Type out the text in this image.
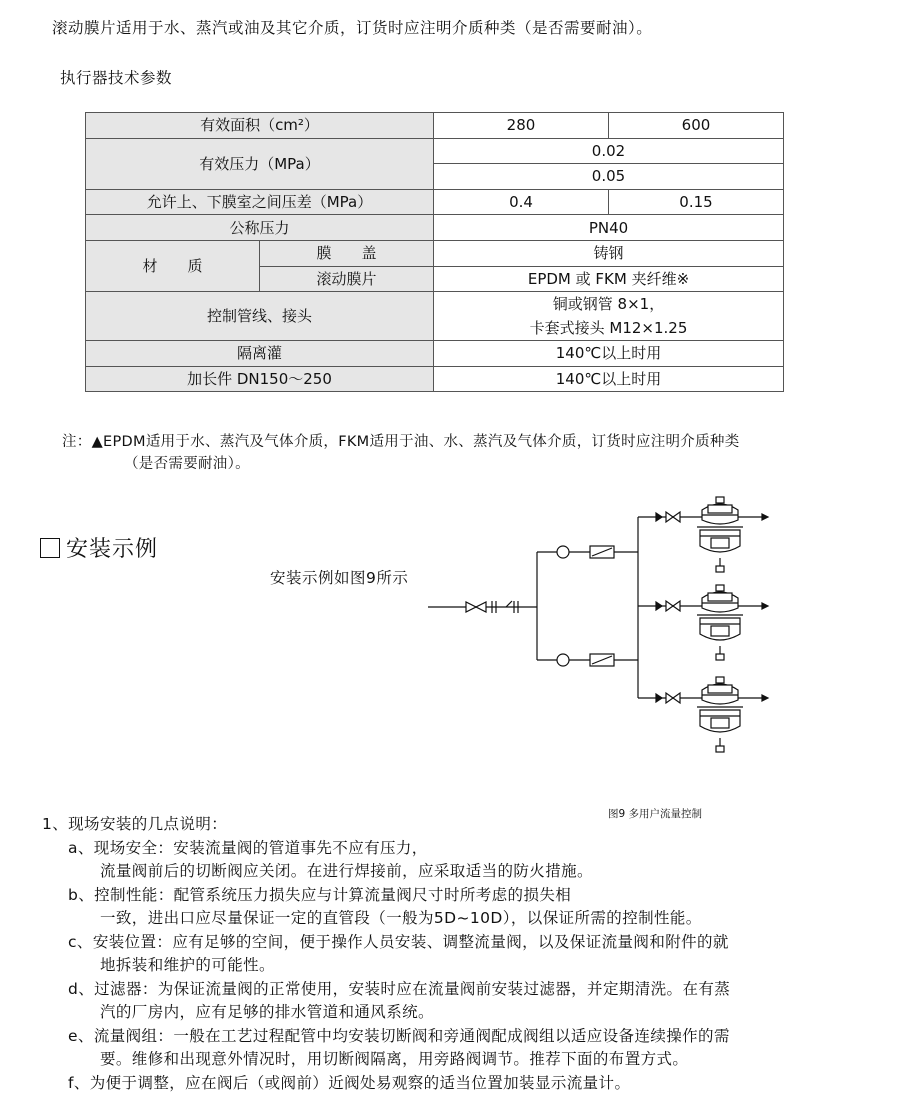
滚动膜片适用于水、蒸汽或油及其它介质，订货时应注明介质种类（是否需要耐油）。
执行器技术参数
有效面积（cm²）		280	600
有效压力（MPa）		0.02	
		0.05	
允许上、下膜室之间压差（MPa）		0.4	0.15
公称压力		PN40	
材　　质	膜　　盖	铸钢	
	滚动膜片	EPDM 或 FKM 夹纤维※	
控制管线、接头		铜或钢管 8×1，
卡套式接头 M12×1.25	

隔离灌		140℃以上时用	
加长件 DN150～250		140℃以上时用	
注：▲EPDM适用于水、蒸汽及气体介质，FKM适用于油、水、蒸汽及气体介质，订货时应注明介质种类
（是否需要耐油）。
安装示例
安装示例如图9所示
图9 多用户流量控制

1、现场安装的几点说明：

a、现场安全：安装流量阀的管道事先不应有压力，

流量阀前后的切断阀应关闭。在进行焊接前，应采取适当的防火措施。

b、控制性能：配管系统压力损失应与计算流量阀尺寸时所考虑的损失相

一致，进出口应尽量保证一定的直管段（一般为5D~10D），以保证所需的控制性能。

c、安装位置：应有足够的空间，便于操作人员安装、调整流量阀，以及保证流量阀和附件的就

地拆装和维护的可能性。

d、过滤器：为保证流量阀的正常使用，安装时应在流量阀前安装过滤器，并定期清洗。在有蒸

汽的厂房内，应有足够的排水管道和通风系统。

e、流量阀组：一般在工艺过程配管中均安装切断阀和旁通阀配成阀组以适应设备连续操作的需

要。维修和出现意外情况时，用切断阀隔离，用旁路阀调节。推荐下面的布置方式。

f、为便于调整，应在阀后（或阀前）近阀处易观察的适当位置加装显示流量计。
